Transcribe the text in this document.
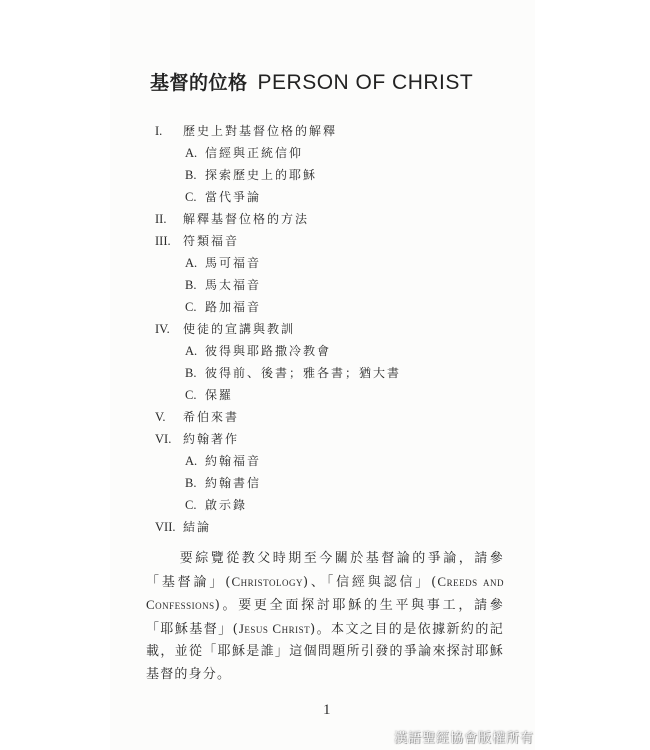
基督的位格 PERSON OF CHRIST
I. 歷史上對基督位格的解釋
A. 信經與正統信仰
B. 探索歷史上的耶穌
C. 當代爭論
II. 解釋基督位格的方法
III. 符類福音
A. 馬可福音
B. 馬太福音
C. 路加福音
IV. 使徒的宣講與教訓
A. 彼得與耶路撒冷教會
B. 彼得前、後書；雅各書；猶大書
C. 保羅
V. 希伯來書
VI. 約翰著作
A. 約翰福音
B. 約翰書信
C. 啟示錄
VII. 結論

要綜覽從教父時期至今關於基督論的爭論，請參「基督論」(Christology)、「信經與認信」(Creeds and Confessions)。要更全面探討耶穌的生平與事工，請參「耶穌基督」(Jesus Christ)。本文之目的是依據新約的記載，並從「耶穌是誰」這個問題所引發的爭論來探討耶穌基督的身分。

1
漢語聖經協會版權所有
